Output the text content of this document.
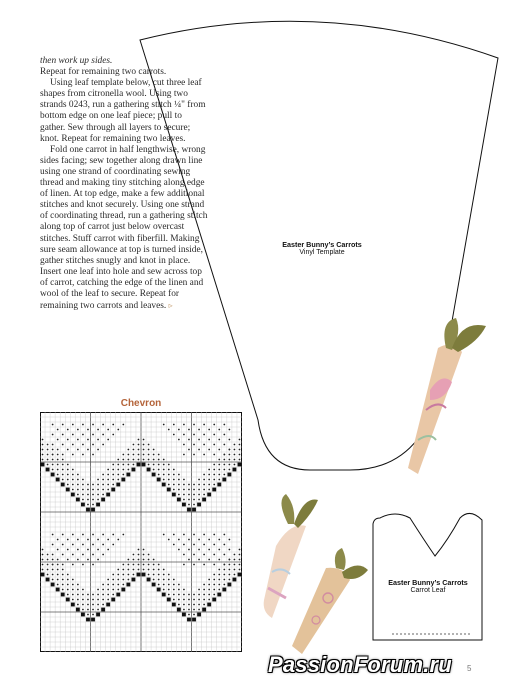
then work up sides.

Repeat for remaining two carrots.

Using leaf template below, cut three leaf shapes from citronella wool. Using two strands 0243, run a gathering stitch ¼" from bottom edge on one leaf piece; pull to gather. Sew through all layers to secure; knot. Repeat for remaining two leaves.

Fold one carrot in half lengthwise, wrong sides facing; sew together along drawn line using one strand of coordinating sewing thread and making tiny stitching along edge of linen. At top edge, make a few additional stitches and knot securely. Using one strand of coordinating thread, run a gathering stitch along top of carrot just below overcast stitches. Stuff carrot with fiberfill. Making sure seam allowance at top is turned inside, gather stitches snugly and knot in place. Insert one leaf into hole and sew across top of carrot, catching the edge of the linen and wool of the leaf to secure. Repeat for remaining two carrots and leaves. ▹

Chevron
Easter Bunny’s Carrots
Vinyl Template
Easter Bunny’s Carrots
Carrot Leaf
5
PassionForum.ru
